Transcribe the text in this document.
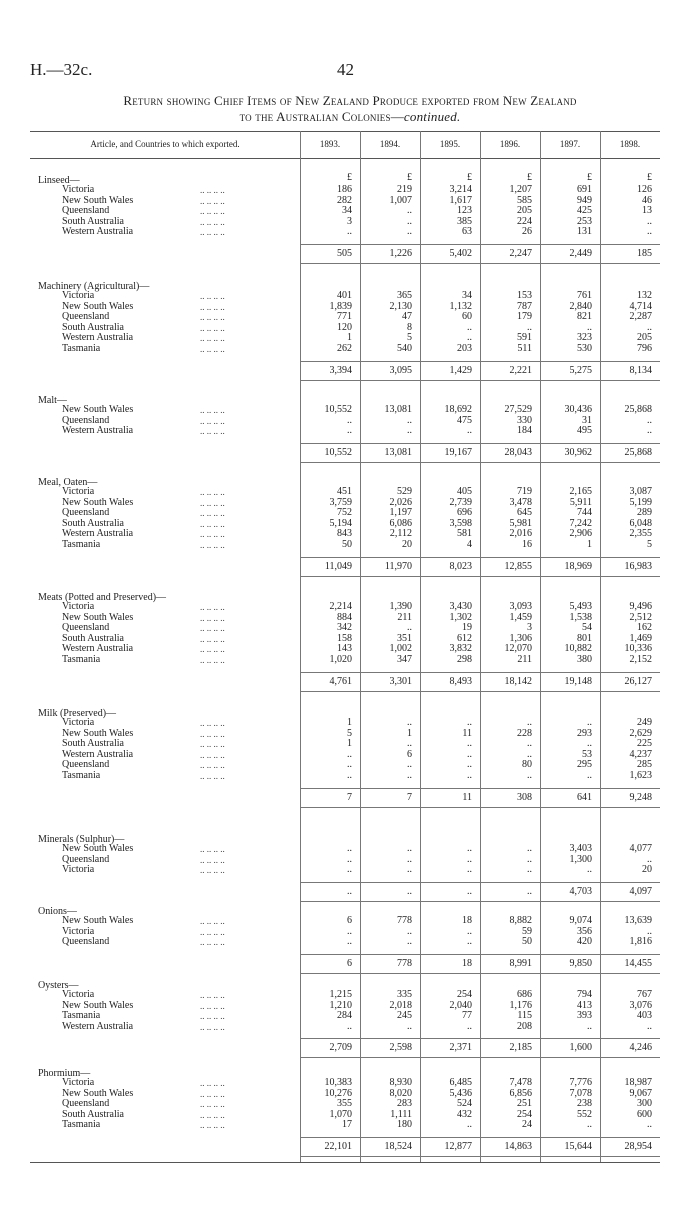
H.—32c.	42
Return showing Chief Items of New Zealand Produce exported from New Zealand
to the Australian Colonies—continued.
Article, and Countries to which exported.	1893.	1894.	1895.	1896.	1897.	1898.
£	£	£	£	£	£
Linseed—
Victoria	.. .. .. ..	186	219	3,214	1,207	691	126
New South Wales	.. .. .. ..	282	1,007	1,617	585	949	46
Queensland	.. .. .. ..	34	..	123	205	425	13
South Australia	.. .. .. ..	3	..	385	224	253	..
Western Australia	.. .. .. ..	..	..	63	26	131	..
505	1,226	5,402	2,247	2,449	185
Machinery (Agricultural)—
Victoria	.. .. .. ..	401	365	34	153	761	132
New South Wales	.. .. .. ..	1,839	2,130	1,132	787	2,840	4,714
Queensland	.. .. .. ..	771	47	60	179	821	2,287
South Australia	.. .. .. ..	120	8	..	..	..	..
Western Australia	.. .. .. ..	1	5	..	591	323	205
Tasmania	.. .. .. ..	262	540	203	511	530	796
3,394	3,095	1,429	2,221	5,275	8,134
Malt—
New South Wales	.. .. .. ..	10,552	13,081	18,692	27,529	30,436	25,868
Queensland	.. .. .. ..	..	..	475	330	31	..
Western Australia	.. .. .. ..	..	..	..	184	495	..
10,552	13,081	19,167	28,043	30,962	25,868
Meal, Oaten—
Victoria	.. .. .. ..	451	529	405	719	2,165	3,087
New South Wales	.. .. .. ..	3,759	2,026	2,739	3,478	5,911	5,199
Queensland	.. .. .. ..	752	1,197	696	645	744	289
South Australia	.. .. .. ..	5,194	6,086	3,598	5,981	7,242	6,048
Western Australia	.. .. .. ..	843	2,112	581	2,016	2,906	2,355
Tasmania	.. .. .. ..	50	20	4	16	1	5
11,049	11,970	8,023	12,855	18,969	16,983
Meats (Potted and Preserved)—
Victoria	.. .. .. ..	2,214	1,390	3,430	3,093	5,493	9,496
New South Wales	.. .. .. ..	884	211	1,302	1,459	1,538	2,512
Queensland	.. .. .. ..	342	..	19	3	54	162
South Australia	.. .. .. ..	158	351	612	1,306	801	1,469
Western Australia	.. .. .. ..	143	1,002	3,832	12,070	10,882	10,336
Tasmania	.. .. .. ..	1,020	347	298	211	380	2,152
4,761	3,301	8,493	18,142	19,148	26,127
Milk (Preserved)—
Victoria	.. .. .. ..	1	..	..	..	..	249
New South Wales	.. .. .. ..	5	1	11	228	293	2,629
South Australia	.. .. .. ..	1	..	..	..	..	225
Western Australia	.. .. .. ..	..	6	..	..	53	4,237
Queensland	.. .. .. ..	..	..	..	80	295	285
Tasmania	.. .. .. ..	..	..	..	..	..	1,623
7	7	11	308	641	9,248
Minerals (Sulphur)—
New South Wales	.. .. .. ..	..	..	..	..	3,403	4,077
Queensland	.. .. .. ..	..	..	..	..	1,300	..
Victoria	.. .. .. ..	..	..	..	..	..	20
..	..	..	..	4,703	4,097
Onions—
New South Wales	.. .. .. ..	6	778	18	8,882	9,074	13,639
Victoria	.. .. .. ..	..	..	..	59	356	..
Queensland	.. .. .. ..	..	..	..	50	420	1,816
6	778	18	8,991	9,850	14,455
Oysters—
Victoria	.. .. .. ..	1,215	335	254	686	794	767
New South Wales	.. .. .. ..	1,210	2,018	2,040	1,176	413	3,076
Tasmania	.. .. .. ..	284	245	77	115	393	403
Western Australia	.. .. .. ..	..	..	..	208	..	..
2,709	2,598	2,371	2,185	1,600	4,246
Phormium—
Victoria	.. .. .. ..	10,383	8,930	6,485	7,478	7,776	18,987
New South Wales	.. .. .. ..	10,276	8,020	5,436	6,856	7,078	9,067
Queensland	.. .. .. ..	355	283	524	251	238	300
South Australia	.. .. .. ..	1,070	1,111	432	254	552	600
Tasmania	.. .. .. ..	17	180	..	24	..	..
22,101	18,524	12,877	14,863	15,644	28,954
